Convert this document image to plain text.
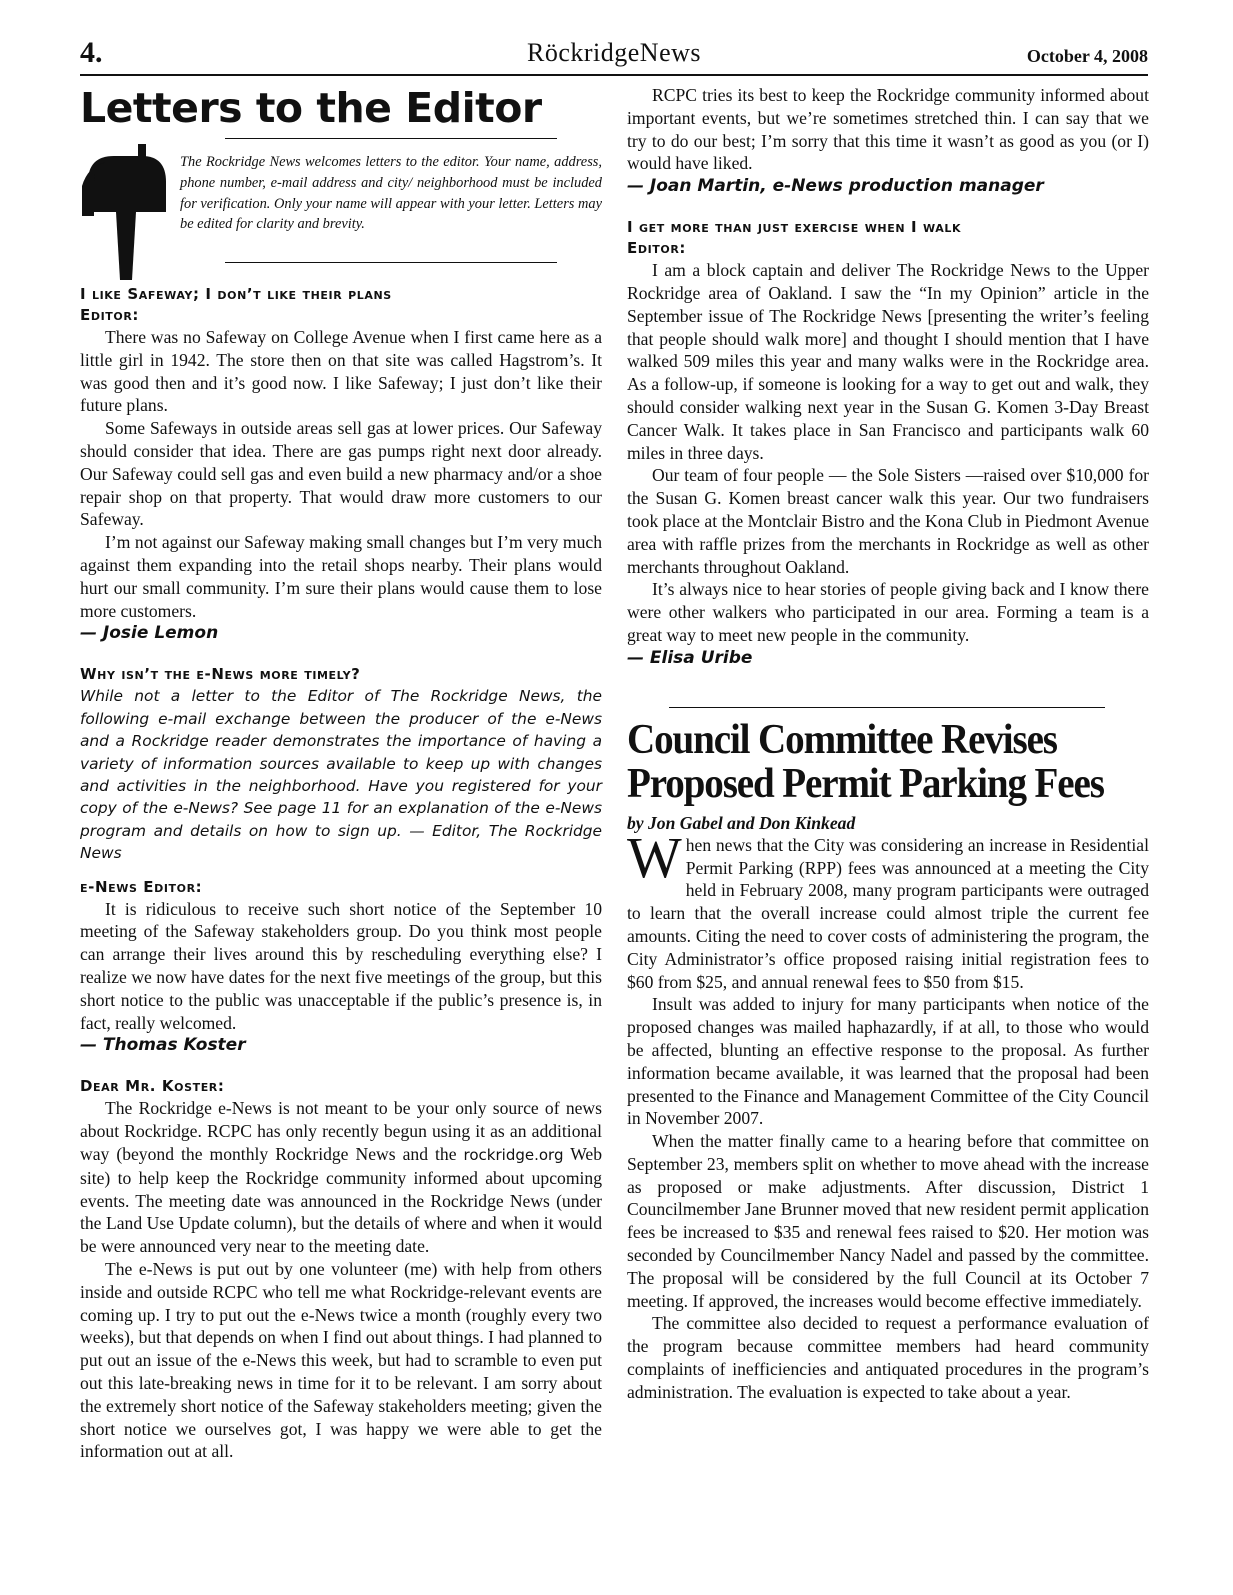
4.	RöckridgeNews	October 4, 2008
Letters to the Editor
The Rockridge News welcomes letters to the editor. Your name, address, phone number, e-mail address and city/ neighborhood must be included for verification. Only your name will appear with your letter. Letters may be edited for clarity and brevity.
I like Safeway; I don’t like their plans
Editor:

There was no Safeway on College Avenue when I first came here as a little girl in 1942. The store then on that site was called Hagstrom’s. It was good then and it’s good now. I like Safeway; I just don’t like their future plans.

Some Safeways in outside areas sell gas at lower prices. Our Safeway should consider that idea. There are gas pumps right next door already. Our Safeway could sell gas and even build a new pharmacy and/or a shoe repair shop on that property. That would draw more customers to our Safeway.

I’m not against our Safeway making small changes but I’m very much against them expanding into the retail shops nearby. Their plans would hurt our small community. I’m sure their plans would cause them to lose more customers.

— Josie Lemon
Why isn’t the e-News more timely?

While not a letter to the Editor of The Rockridge News, the following e-mail exchange between the producer of the e-News and a Rockridge reader demonstrates the importance of having a variety of information sources available to keep up with changes and activities in the neighborhood. Have you registered for your copy of the e-News? See page 11 for an explanation of the e-News program and details on how to sign up. — Editor, The Rockridge News

e-News Editor:

It is ridiculous to receive such short notice of the September 10 meeting of the Safeway stakeholders group. Do you think most people can arrange their lives around this by rescheduling everything else? I realize we now have dates for the next five meetings of the group, but this short notice to the public was unacceptable if the public’s presence is, in fact, really welcomed.

— Thomas Koster
Dear Mr. Koster:

The Rockridge e-News is not meant to be your only source of news about Rockridge. RCPC has only recently begun using it as an additional way (beyond the monthly Rockridge News and the rockridge.org Web site) to help keep the Rockridge community informed about upcoming events. The meeting date was announced in the Rockridge News (under the Land Use Update column), but the details of where and when it would be were announced very near to the meeting date.

The e-News is put out by one volunteer (me) with help from others inside and outside RCPC who tell me what Rockridge-relevant events are coming up. I try to put out the e-News twice a month (roughly every two weeks), but that depends on when I find out about things. I had planned to put out an issue of the e-News this week, but had to scramble to even put out this late-breaking news in time for it to be relevant. I am sorry about the extremely short notice of the Safeway stakeholders meeting; given the short notice we ourselves got, I was happy we were able to get the information out at all.

RCPC tries its best to keep the Rockridge community informed about important events, but we’re sometimes stretched thin. I can say that we try to do our best; I’m sorry that this time it wasn’t as good as you (or I) would have liked.

— Joan Martin, e-News production manager
I get more than just exercise when I walk
Editor:

I am a block captain and deliver The Rockridge News to the Upper Rockridge area of Oakland. I saw the “In my Opinion” article in the September issue of The Rockridge News [presenting the writer’s feeling that people should walk more] and thought I should mention that I have walked 509 miles this year and many walks were in the Rockridge area. As a follow-up, if someone is looking for a way to get out and walk, they should consider walking next year in the Susan G. Komen 3-Day Breast Cancer Walk. It takes place in San Francisco and participants walk 60 miles in three days.

Our team of four people — the Sole Sisters —raised over $10,000 for the Susan G. Komen breast cancer walk this year. Our two fundraisers took place at the Montclair Bistro and the Kona Club in Piedmont Avenue area with raffle prizes from the merchants in Rockridge as well as other merchants throughout Oakland.

It’s always nice to hear stories of people giving back and I know there were other walkers who participated in our area. Forming a team is a great way to meet new people in the community.

— Elisa Uribe
Council Committee Revises
Proposed Permit Parking Fees
by Jon Gabel and Don Kinkead

When news that the City was considering an increase in Residential Permit Parking (RPP) fees was announced at a meeting the City held in February 2008, many program participants were outraged to learn that the overall increase could almost triple the current fee amounts. Citing the need to cover costs of administering the program, the City Administrator’s office proposed raising initial registration fees to $60 from $25, and annual renewal fees to $50 from $15.

Insult was added to injury for many participants when notice of the proposed changes was mailed haphazardly, if at all, to those who would be affected, blunting an effective response to the proposal. As further information became available, it was learned that the proposal had been presented to the Finance and Management Committee of the City Council in November 2007.

When the matter finally came to a hearing before that committee on September 23, members split on whether to move ahead with the increase as proposed or make adjustments. After discussion, District 1 Councilmember Jane Brunner moved that new resident permit application fees be increased to $35 and renewal fees raised to $20. Her motion was seconded by Councilmember Nancy Nadel and passed by the committee. The proposal will be considered by the full Council at its October 7 meeting. If approved, the increases would become effective immediately.

The committee also decided to request a performance evaluation of the program because committee members had heard community complaints of inefficiencies and antiquated procedures in the program’s administration. The evaluation is expected to take about a year.
